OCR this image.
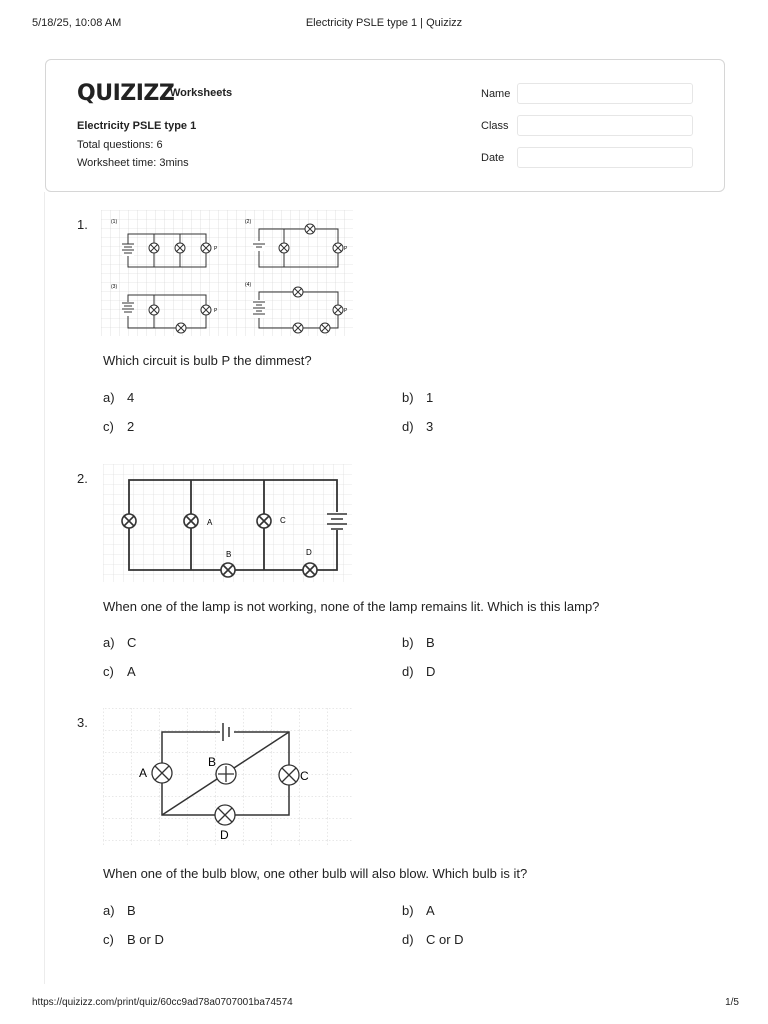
5/18/25, 10:08 AM	Electricity PSLE type 1 | Quizizz
QUIZIZZ
Worksheets
Electricity PSLE type 1
Total questions: 6
Worksheet time: 3mins
Name
Class
Date
1.	(1)
P
(2)
P
(3)
P
(4)
P
Which circuit is bulb P the dimmest?
a) 4	b) 1
c) 2	d) 3
2.
A	C
B	D
When one of the lamp is not working, none of the lamp remains lit. Which is this lamp?
a) C	b) B
c) A	d) D
3.
A
B
C
D
When one of the bulb blow, one other bulb will also blow. Which bulb is it?
a) B	b) A
c) B or D	d) C or D
https://quizizz.com/print/quiz/60cc9ad78a0707001ba74574	1/5
